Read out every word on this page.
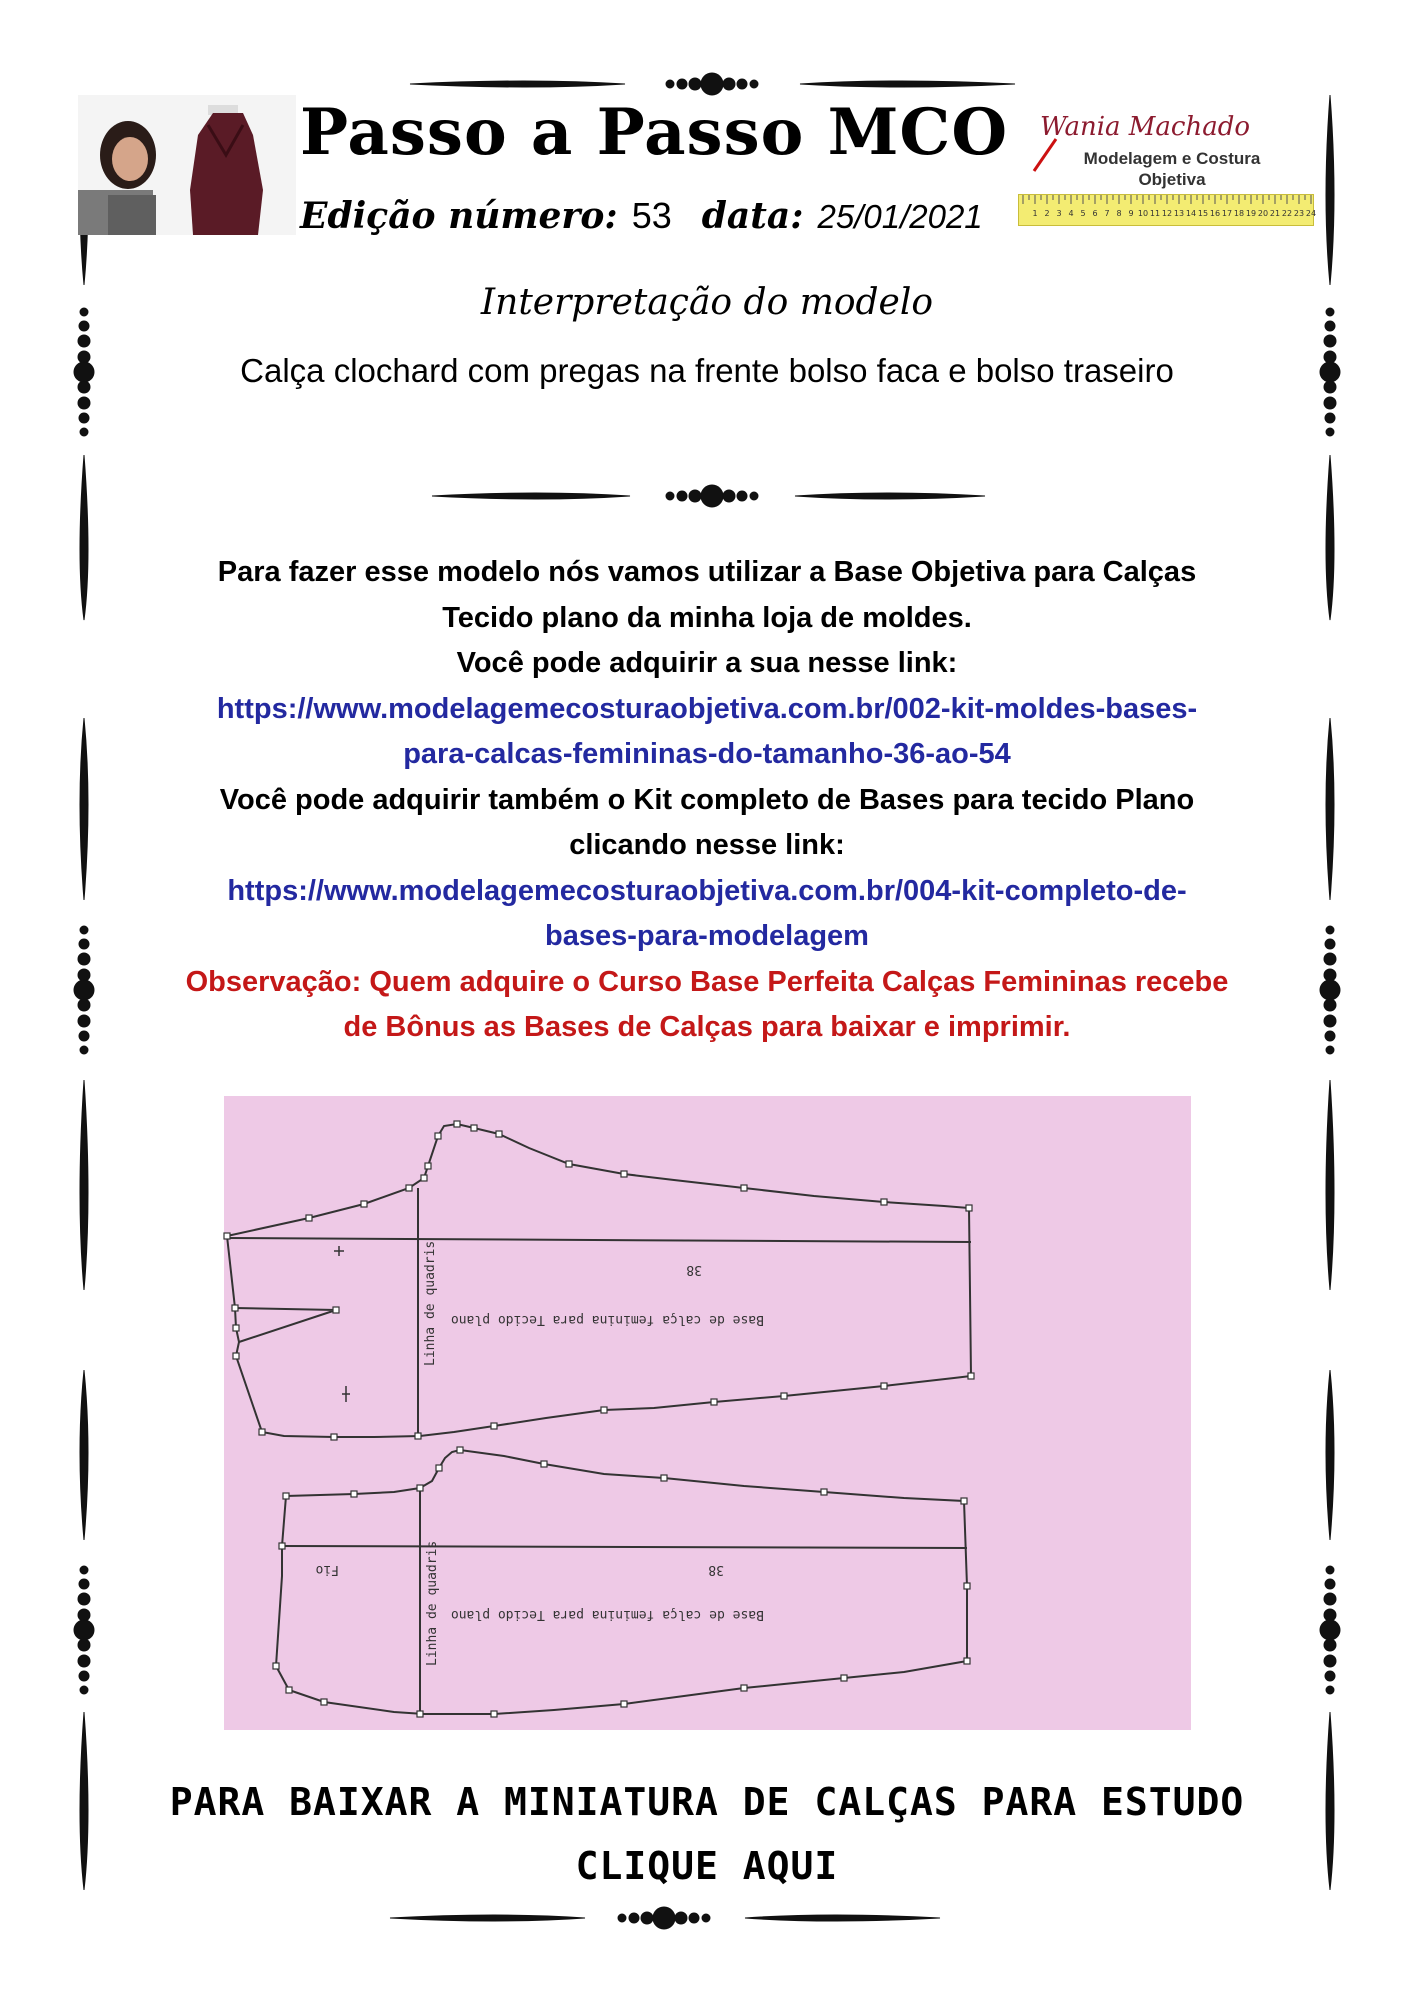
Passo a Passo MCO
Edição número: 53 data: 25/01/2021
Wania Machado
Modelagem e Costura
Objetiva
1 2 3 4 5 6 7 8 9 10 11 12 13 14 15 16 17 18 19 20 21 22 23 24
Interpretação do modelo
Calça clochard com pregas na frente bolso faca e bolso traseiro
Para fazer esse modelo nós vamos utilizar a Base Objetiva para Calças
Tecido plano da minha loja de moldes.
Você pode adquirir a sua nesse link:
https://www.modelagemecosturaobjetiva.com.br/002-kit-moldes-bases-
para-calcas-femininas-do-tamanho-36-ao-54
Você pode adquirir também o Kit completo de Bases para tecido Plano
clicando nesse link:
https://www.modelagemecosturaobjetiva.com.br/004-kit-completo-de-
bases-para-modelagem
Observação: Quem adquire o Curso Base Perfeita Calças Femininas recebe
de Bônus as Bases de Calças para baixar e imprimir.
38
Base de calça feminina para Tecido plano
Linha de quadris
38
Base de calça feminina para Tecido plano
Linha de quadris
Fio
PARA BAIXAR A MINIATURA DE CALÇAS PARA ESTUDO
CLIQUE AQUI
